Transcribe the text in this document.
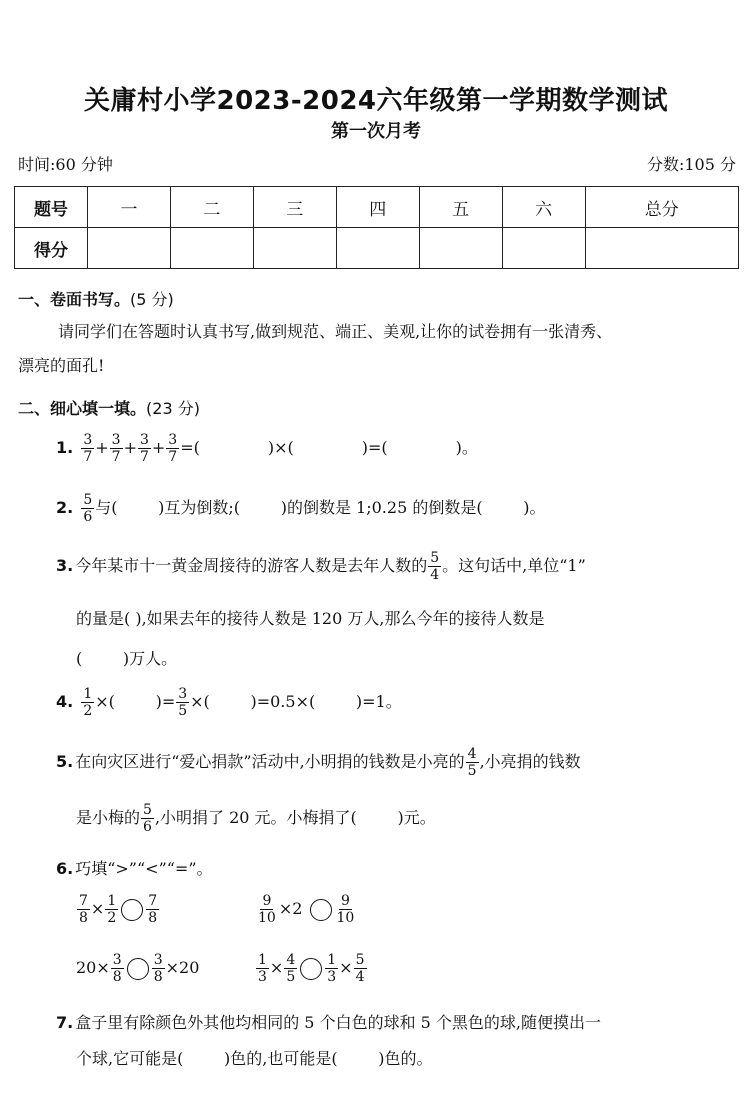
关庸村小学2023-2024六年级第一学期数学测试
第一次月考
时间:60 分钟	分数:105 分
题号	一	二	三	四	五	六	总分
得分							
一、卷面书写。(5 分)
请同学们在答题时认真书写,做到规范、端正、美观,让你的试卷拥有一张清秀、
漂亮的面孔!
二、细心填一填。(23 分)
1. $\frac{3}{7} + \frac{3}{7} + \frac{3}{7} + \frac{3}{7}$ =(	)×(	)=(	)。
2. $\frac{5}{6}$ 与(        )互为倒数;(        )的倒数是 1;0.25 的倒数是(        )。
3. 今年某市十一黄金周接待的游客人数是去年人数的 $\frac{5}{4}$ 。这句话中,单位“1”
的量是( ),如果去年的接待人数是 120 万人,那么今年的接待人数是
(        )万人。
4. $\frac{1}{2}$ ×(        )= $\frac{3}{5}$ ×(        )=0.5×(        )=1。
5. 在向灾区进行“爱心捐款”活动中,小明捐的钱数是小亮的 $\frac{4}{5}$ ,小亮捐的钱数
是小梅的 $\frac{5}{6}$ ,小明捐了 20 元。小梅捐了(        )元。
6. 巧填“>”“<”“=”。
$\frac{7}{8} \times \frac{1}{2} \frac{7}{8}$	$\frac{9}{10} \times 2 \frac{9}{10}$
$20\times \frac{3}{8} \frac{3}{8} \times 20$	$\frac{1}{3} \times \frac{4}{5} \frac{1}{3} \times \frac{5}{4}$
7. 盒子里有除颜色外其他均相同的 5 个白色的球和 5 个黑色的球,随便摸出一
个球,它可能是(        )色的,也可能是(        )色的。
